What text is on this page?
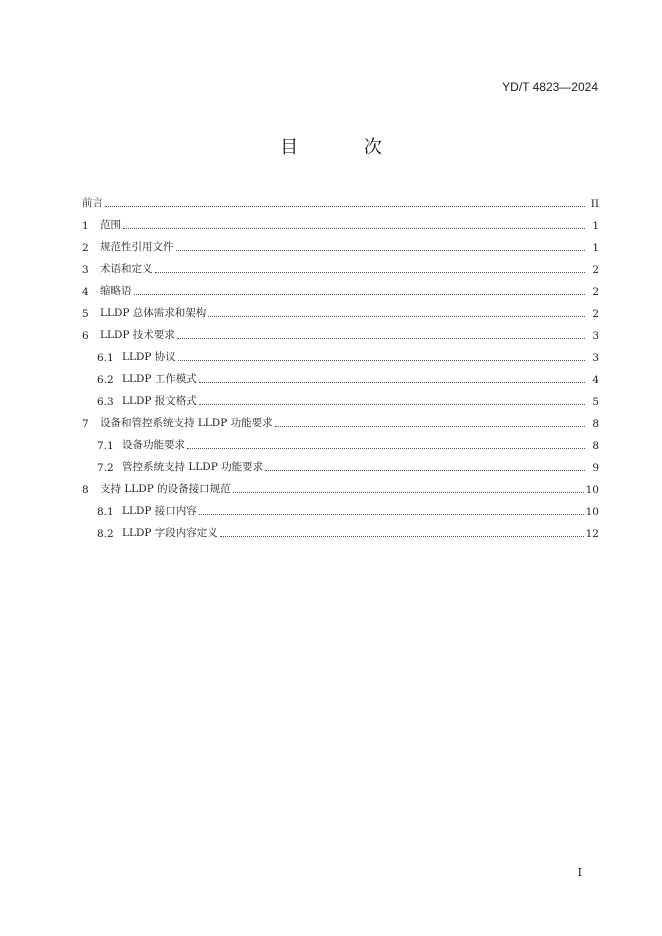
YD/T 4823—2024
目 次
前言	II
1	范围	1
2	规范性引用文件	1
3	术语和定义	2
4	缩略语	2
5	LLDP 总体需求和架构	2
6	LLDP 技术要求	3
6.1 LLDP 协议	3
6.2 LLDP 工作模式	4
6.3 LLDP 报文格式	5
7	设备和管控系统支持 LLDP 功能要求	8
7.1 设备功能要求	8
7.2 管控系统支持 LLDP 功能要求	9
8	支持 LLDP 的设备接口规范	10
8.1 LLDP 接口内容	10
8.2 LLDP 字段内容定义	12
I
